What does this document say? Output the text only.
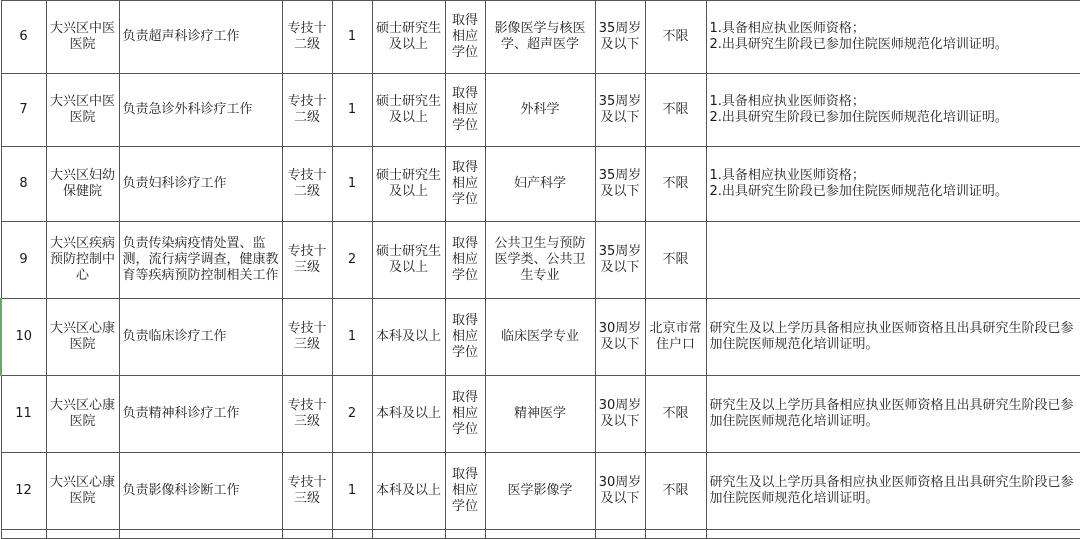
6	大兴区中医医院	负责超声科诊疗工作	专技十二级	1	硕士研究生及以上	取得相应学位	影像医学与核医学、超声医学	35周岁及以下	不限	1.具备相应执业医师资格；
2.出具研究生阶段已参加住院医师规范化培训证明。

7	大兴区中医医院	负责急诊外科诊疗工作	专技十二级	1	硕士研究生及以上	取得相应学位	外科学	35周岁及以下	不限	1.具备相应执业医师资格；
2.出具研究生阶段已参加住院医师规范化培训证明。

8	大兴区妇幼保健院	负责妇科诊疗工作	专技十二级	1	硕士研究生及以上	取得相应学位	妇产科学	35周岁及以下	不限	1.具备相应执业医师资格；
2.出具研究生阶段已参加住院医师规范化培训证明。

9	大兴区疾病预防控制中心	负责传染病疫情处置、监测，流行病学调查，健康教育等疾病预防控制相关工作	专技十三级	2	硕士研究生及以上	取得相应学位	公共卫生与预防医学类、公共卫生专业	35周岁及以下	不限	
10	大兴区心康医院	负责临床诊疗工作	专技十三级	1	本科及以上	取得相应学位	临床医学专业	30周岁及以下	北京市常住户口	研究生及以上学历具备相应执业医师资格且出具研究生阶段已参加住院医师规范化培训证明。

11	大兴区心康医院	负责精神科诊疗工作	专技十三级	2	本科及以上	取得相应学位	精神医学	30周岁及以下	不限	研究生及以上学历具备相应执业医师资格且出具研究生阶段已参加住院医师规范化培训证明。

12	大兴区心康医院	负责影像科诊断工作	专技十三级	1	本科及以上	取得相应学位	医学影像学	30周岁及以下	不限	研究生及以上学历具备相应执业医师资格且出具研究生阶段已参加住院医师规范化培训证明。
